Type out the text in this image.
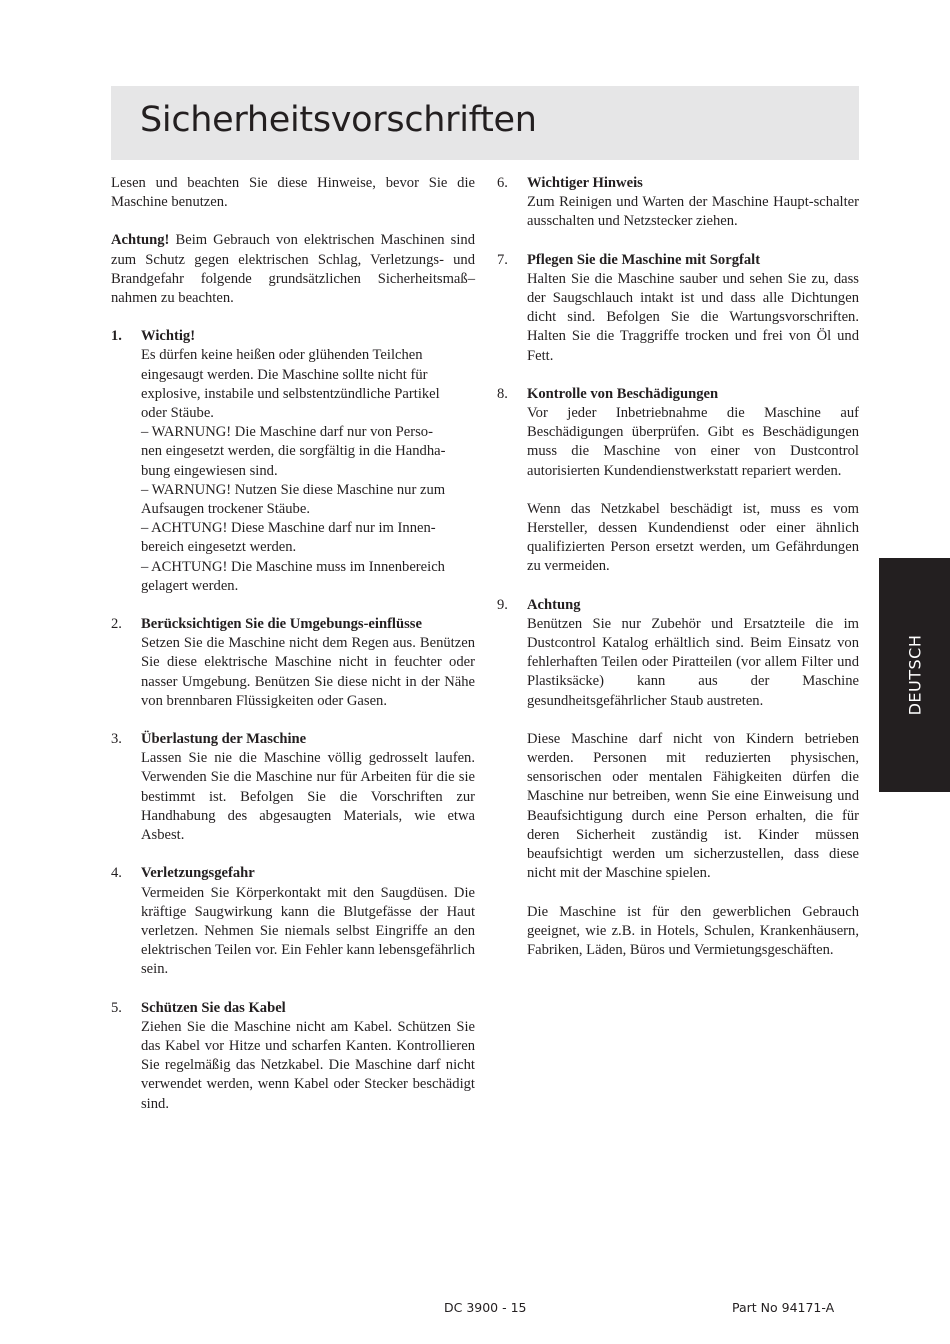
Sicherheitsvorschriften

Lesen und beachten Sie diese Hinweise, bevor Sie die Maschine benutzen.

Achtung! Beim Gebrauch von elektrischen Maschinen sind zum Schutz gegen elektrischen Schlag, Verletzungs- und Brandgefahr folgende grundsätzlichen Sicherheitsmaß– nahmen zu beachten.

1. Wichtig!
Es dürfen keine heißen oder glühenden Teilchen
eingesaugt werden. Die Maschine sollte nicht für
explosive, instabile und selbstentzündliche Partikel
oder Stäube.
– WARNUNG! Die Maschine darf nur von Perso-
nen eingesetzt werden, die sorgfältig in die Handha-
bung eingewiesen sind.
– WARNUNG! Nutzen Sie diese Maschine nur zum
Aufsaugen trockener Stäube.
– ACHTUNG! Diese Maschine darf nur im Innen-
bereich eingesetzt werden.
– ACHTUNG! Die Maschine muss im Innenbereich
gelagert werden.
2. Berücksichtigen Sie die Umgebungs-einflüsse

Setzen Sie die Maschine nicht dem Regen aus. Benützen Sie diese elektrische Maschine nicht in feuchter oder nasser Umgebung. Benützen Sie diese nicht in der Nähe von brennbaren Flüssigkeiten oder Gasen.

3. Überlastung der Maschine

Lassen Sie nie die Maschine völlig gedrosselt laufen. Verwenden Sie die Maschine nur für Arbeiten für die sie bestimmt ist. Befolgen Sie die Vorschriften zur Handhabung des abgesaugten Materials, wie etwa Asbest.

4. Verletzungsgefahr

Vermeiden Sie Körperkontakt mit den Saugdüsen. Die kräftige Saugwirkung kann die Blutgefässe der Haut verletzen. Nehmen Sie niemals selbst Eingriffe an den elektrischen Teilen vor. Ein Fehler kann lebensgefährlich sein.

5. Schützen Sie das Kabel

Ziehen Sie die Maschine nicht am Kabel. Schützen Sie das Kabel vor Hitze und scharfen Kanten. Kontrollieren Sie regelmäßig das Netzkabel. Die Maschine darf nicht verwendet werden, wenn Kabel oder Stecker beschädigt sind.

6. Wichtiger Hinweis

Zum Reinigen und Warten der Maschine Haupt-schalter ausschalten und Netzstecker ziehen.

7. Pflegen Sie die Maschine mit Sorgfalt

Halten Sie die Maschine sauber und sehen Sie zu, dass der Saugschlauch intakt ist und dass alle Dichtungen dicht sind. Befolgen Sie die Wartungsvorschriften. Halten Sie die Traggriffe trocken und frei von Öl und Fett.

8. Kontrolle von Beschädigungen

Vor jeder Inbetriebnahme die Maschine auf Beschädigungen überprüfen. Gibt es Beschädigungen muss die Maschine von einer von Dustcontrol autorisierten Kundendienstwerkstatt repariert werden.

Wenn das Netzkabel beschädigt ist, muss es vom Hersteller, dessen Kundendienst oder einer ähnlich qualifizierten Person ersetzt werden, um Gefährdungen zu vermeiden.

9. Achtung

Benützen Sie nur Zubehör und Ersatzteile die im Dustcontrol Katalog erhältlich sind. Beim Einsatz von fehlerhaften Teilen oder Piratteilen (vor allem Filter und Plastiksäcke) kann aus der Maschine gesundheitsgefährlicher Staub austreten.

Diese Maschine darf nicht von Kindern betrieben werden. Personen mit reduzierten physischen, sensorischen oder mentalen Fähigkeiten dürfen die Maschine nur betreiben, wenn Sie eine Einweisung und Beaufsichtigung durch eine Person erhalten, die für deren Sicherheit zuständig ist. Kinder müssen beaufsichtigt werden um sicherzustellen, dass diese nicht mit der Maschine spielen.

Die Maschine ist für den gewerblichen Gebrauch geeignet, wie z.B. in Hotels, Schulen, Krankenhäusern, Fabriken, Läden, Büros und Vermietungsgeschäften.

DEUTSCH
DC 3900 - 15	Part No 94171-A
